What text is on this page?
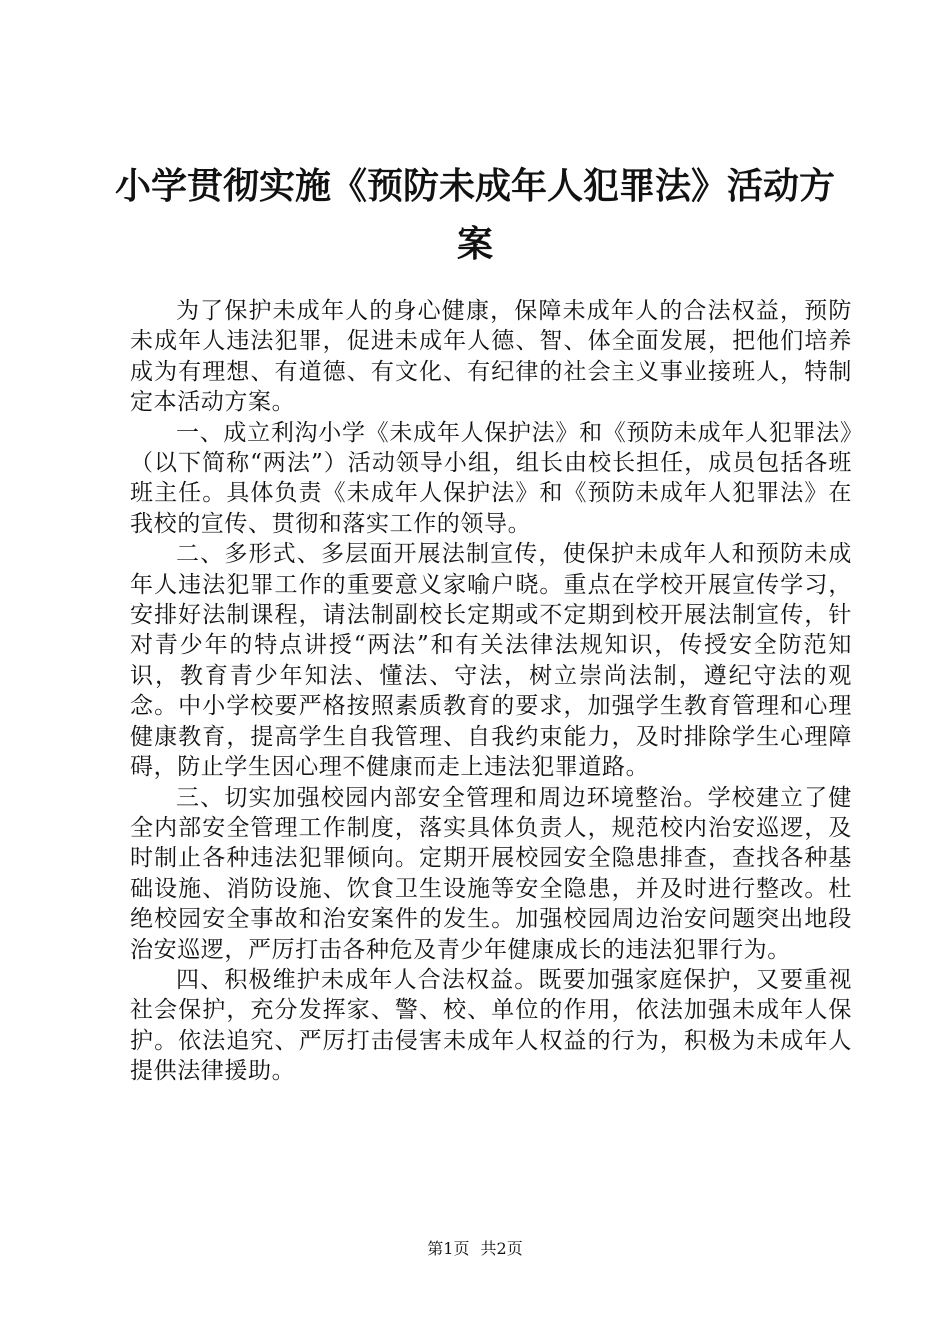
小学贯彻实施《预防未成年人犯罪法》活动方案

为了保护未成年人的身心健康，保障未成年人的合法权益，预防未成年人违法犯罪，促进未成年人德、智、体全面发展，把他们培养成为有理想、有道德、有文化、有纪律的社会主义事业接班人，特制定本活动方案。

一、成立利沟小学《未成年人保护法》和《预防未成年人犯罪法》（以下简称“两法”）活动领导小组，组长由校长担任，成员包括各班班主任。具体负责《未成年人保护法》和《预防未成年人犯罪法》在我校的宣传、贯彻和落实工作的领导。

二、多形式、多层面开展法制宣传，使保护未成年人和预防未成年人违法犯罪工作的重要意义家喻户晓。重点在学校开展宣传学习，安排好法制课程，请法制副校长定期或不定期到校开展法制宣传，针对青少年的特点讲授“两法”和有关法律法规知识，传授安全防范知识，教育青少年知法、懂法、守法，树立崇尚法制，遵纪守法的观念。中小学校要严格按照素质教育的要求，加强学生教育管理和心理健康教育，提高学生自我管理、自我约束能力，及时排除学生心理障碍，防止学生因心理不健康而走上违法犯罪道路。

三、切实加强校园内部安全管理和周边环境整治。学校建立了健全内部安全管理工作制度，落实具体负责人，规范校内治安巡逻，及时制止各种违法犯罪倾向。定期开展校园安全隐患排查，查找各种基础设施、消防设施、饮食卫生设施等安全隐患，并及时进行整改。杜绝校园安全事故和治安案件的发生。加强校园周边治安问题突出地段治安巡逻，严厉打击各种危及青少年健康成长的违法犯罪行为。

四、积极维护未成年人合法权益。既要加强家庭保护，又要重视社会保护，充分发挥家、警、校、单位的作用，依法加强未成年人保护。依法追究、严厉打击侵害未成年人权益的行为，积极为未成年人提供法律援助。

第1页 共2页
